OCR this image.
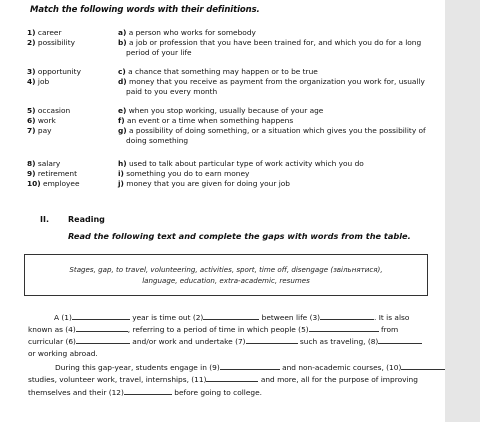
Match the following words with their definitions.
1) career
2) possibility
3) opportunity
4) job
5) occasion
6) work
7) pay
8) salary
9) retirement
10) employee
a) a person who works for somebody
b) a job or profession that you have been trained for, and which you do for a long
period of your life
c) a chance that something may happen or to be true
d) money that you receive as payment from the organization you work for, usually
paid to you every month
e) when you stop working, usually because of your age
f) an event or a time when something happens
g) a possibility of doing something, or a situation which gives you the possibility of
doing something
h) used to talk about particular type of work activity which you do
i) something you do to earn money
j) money that you are given for doing your job
II. Reading
Read the following text and complete the gaps with words from the table.
Stages, gap, to travel, volunteering, activities, sport, time off, disengage (звільнятися),
language, education, extra-academic, resumes
A (1)	year is time out (2)	between life (3)	. It is also
known as (4)	, referring to a period of time in which people (5)	from
curricular (6)	and/or work and undertake (7)	such as traveling, (8)
or working abroad.
During this gap-year, students engage in (9)	and non-academic courses, (10)
studies, volunteer work, travel, internships, (11)	and more, all for the purpose of improving
themselves and their (12)	before going to college.
